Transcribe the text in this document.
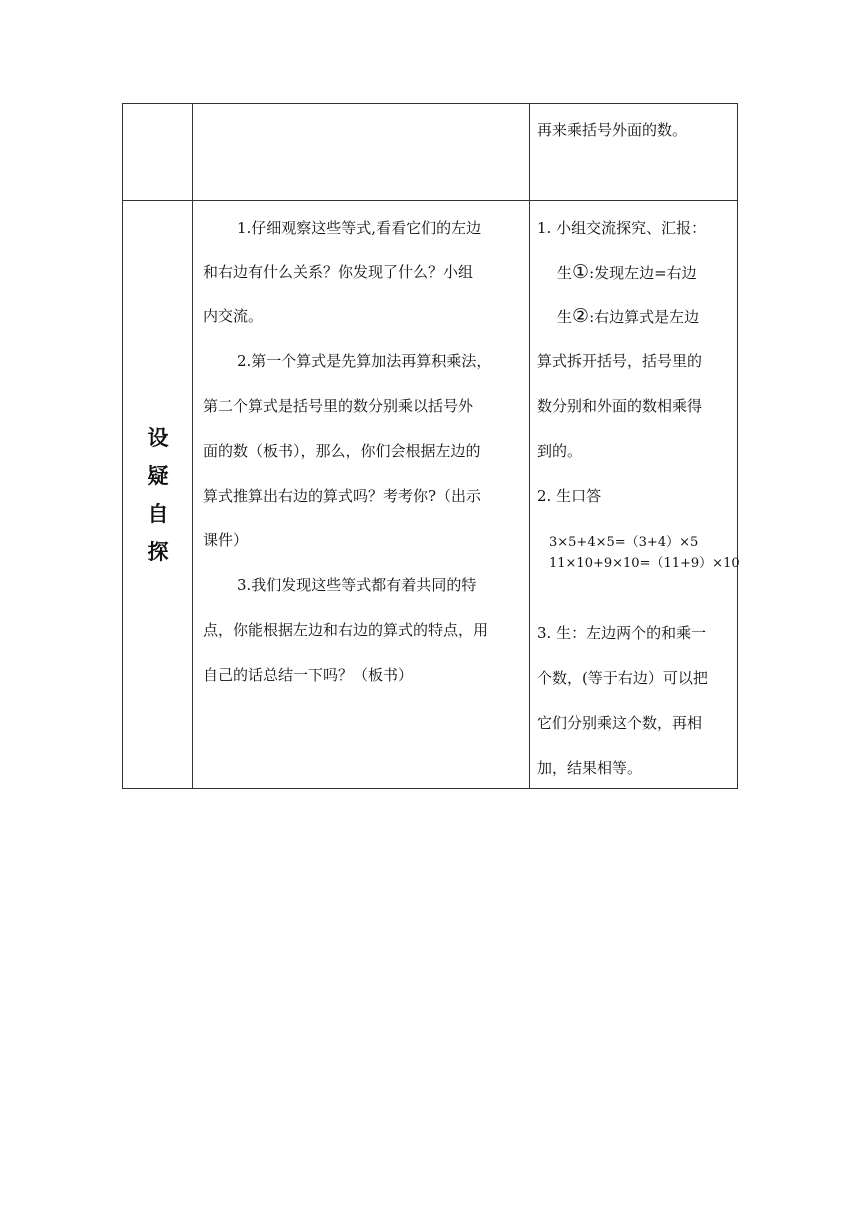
再来乘括号外面的数。
设
疑
自
探
1.仔细观察这些等式,看看它们的左边
和右边有什么关系？你发现了什么？小组
内交流。
2.第一个算式是先算加法再算积乘法，
第二个算式是括号里的数分别乘以括号外
面的数（板书），那么，你们会根据左边的
算式推算出右边的算式吗？考考你?（出示
课件）
3.我们发现这些等式都有着共同的特
点，你能根据左边和右边的算式的特点，用
自己的话总结一下吗？（板书）
1. 小组交流探究、汇报：
生①:发现左边=右边
生②:右边算式是左边
算式拆开括号，括号里的
数分别和外面的数相乘得
到的。
2. 生口答
3×5+4×5=（3+4）×5
11×10+9×10=（11+9）×10
3. 生：左边两个的和乘一
个数，(等于右边）可以把
它们分别乘这个数，再相
加，结果相等。
